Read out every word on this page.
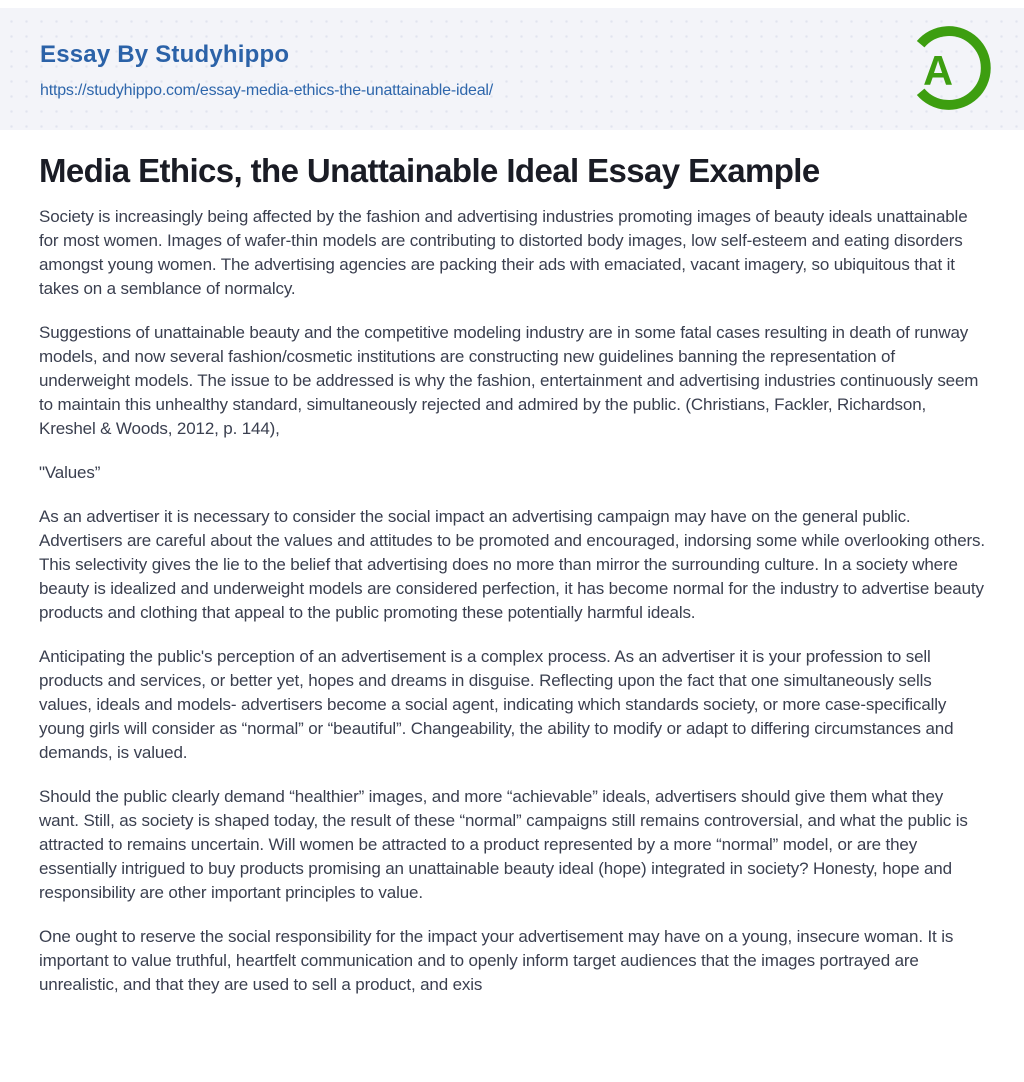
Essay By Studyhippo
https://studyhippo.com/essay-media-ethics-the-unattainable-ideal/	A
Media Ethics, the Unattainable Ideal Essay Example

Society is increasingly being affected by the fashion and advertising industries promoting images of beauty ideals unattainable for most women. Images of wafer-thin models are contributing to distorted body images, low self-esteem and eating disorders amongst young women. The advertising agencies are packing their ads with emaciated, vacant imagery, so ubiquitous that it takes on a semblance of normalcy.

Suggestions of unattainable beauty and the competitive modeling industry are in some fatal cases resulting in death of runway models, and now several fashion/cosmetic institutions are constructing new guidelines banning the representation of underweight models. The issue to be addressed is why the fashion, entertainment and advertising industries continuously seem to maintain this unhealthy standard, simultaneously rejected and admired by the public. (Christians, Fackler, Richardson, Kreshel & Woods, 2012, p. 144),

"Values”

As an advertiser it is necessary to consider the social impact an advertising campaign may have on the general public. Advertisers are careful about the values and attitudes to be promoted and encouraged, indorsing some while overlooking others. This selectivity gives the lie to the belief that advertising does no more than mirror the surrounding culture. In a society where beauty is idealized and underweight models are considered perfection, it has become normal for the industry to advertise beauty products and clothing that appeal to the public promoting these potentially harmful ideals.

Anticipating the public's perception of an advertisement is a complex process. As an advertiser it is your profession to sell products and services, or better yet, hopes and dreams in disguise. Reflecting upon the fact that one simultaneously sells values, ideals and models- advertisers become a social agent, indicating which standards society, or more case-specifically young girls will consider as “normal” or “beautiful”. Changeability, the ability to modify or adapt to differing circumstances and demands, is valued.

Should the public clearly demand “healthier” images, and more “achievable” ideals, advertisers should give them what they want. Still, as society is shaped today, the result of these “normal” campaigns still remains controversial, and what the public is attracted to remains uncertain. Will women be attracted to a product represented by a more “normal” model, or are they essentially intrigued to buy products promising an unattainable beauty ideal (hope) integrated in society? Honesty, hope and responsibility are other important principles to value.

One ought to reserve the social responsibility for the impact your advertisement may have on a young, insecure woman. It is important to value truthful, heartfelt communication and to openly inform target audiences that the images portrayed are unrealistic, and that they are used to sell a product, and exis
